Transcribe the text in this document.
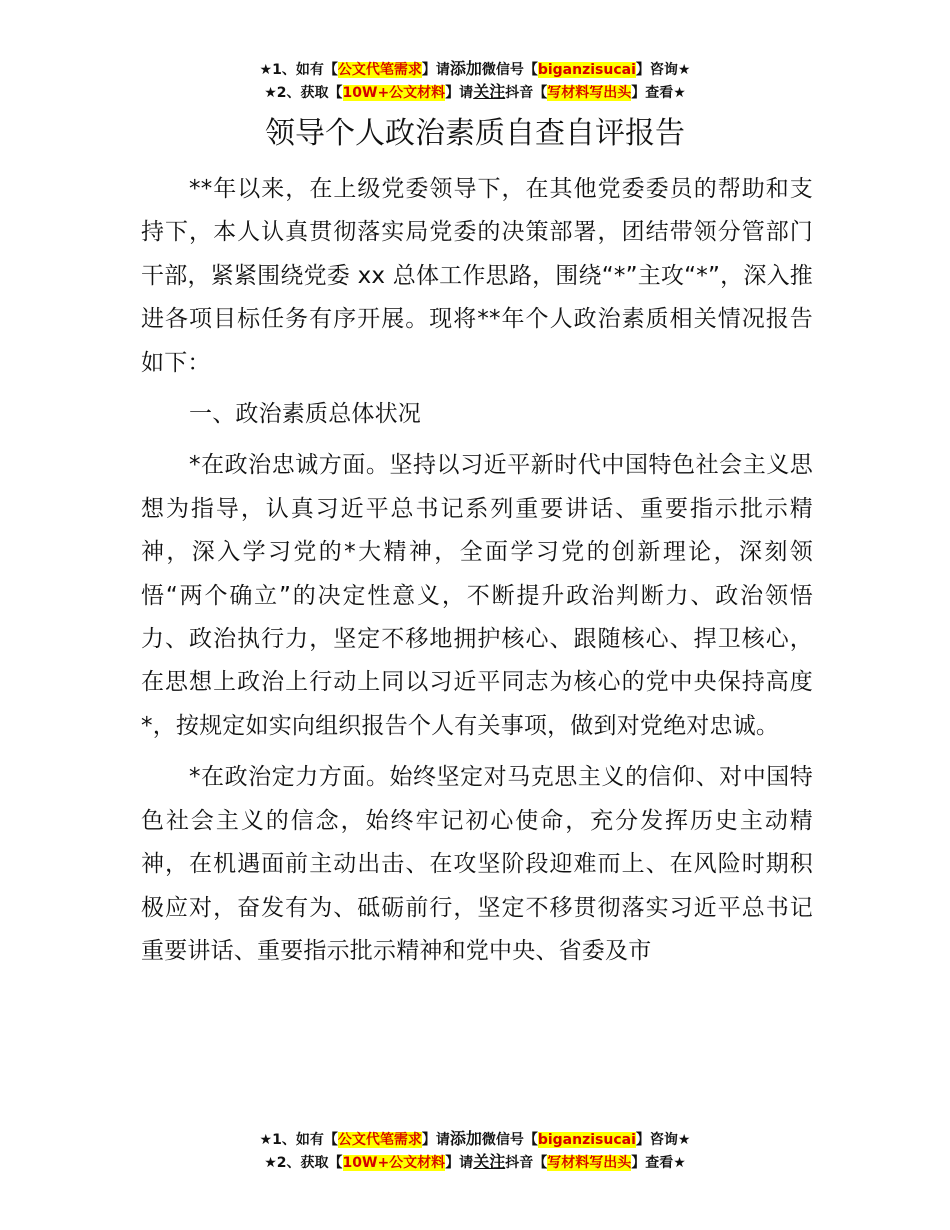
★1、如有【公文代笔需求】请添加微信号【biganzisucai】咨询★
★2、获取【10W+公文材料】请关注抖音【写材料写出头】查看★
领导个人政治素质自查自评报告

**年以来，在上级党委领导下，在其他党委委员的帮助和支持下，本人认真贯彻落实局党委的决策部署，团结带领分管部门干部，紧紧围绕党委 xx 总体工作思路，围绕“*”主攻“*”，深入推进各项目标任务有序开展。现将**年个人政治素质相关情况报告如下：

一、政治素质总体状况

*在政治忠诚方面。坚持以习近平新时代中国特色社会主义思想为指导，认真习近平总书记系列重要讲话、重要指示批示精神，深入学习党的*大精神，全面学习党的创新理论，深刻领悟“两个确立”的决定性意义，不断提升政治判断力、政治领悟力、政治执行力，坚定不移地拥护核心、跟随核心、捍卫核心，在思想上政治上行动上同以习近平同志为核心的党中央保持高度*，按规定如实向组织报告个人有关事项，做到对党绝对忠诚。

*在政治定力方面。始终坚定对马克思主义的信仰、对中国特色社会主义的信念，始终牢记初心使命，充分发挥历史主动精神，在机遇面前主动出击、在攻坚阶段迎难而上、在风险时期积极应对，奋发有为、砥砺前行，坚定不移贯彻落实习近平总书记重要讲话、重要指示批示精神和党中央、省委及市

★1、如有【公文代笔需求】请添加微信号【biganzisucai】咨询★
★2、获取【10W+公文材料】请关注抖音【写材料写出头】查看★
